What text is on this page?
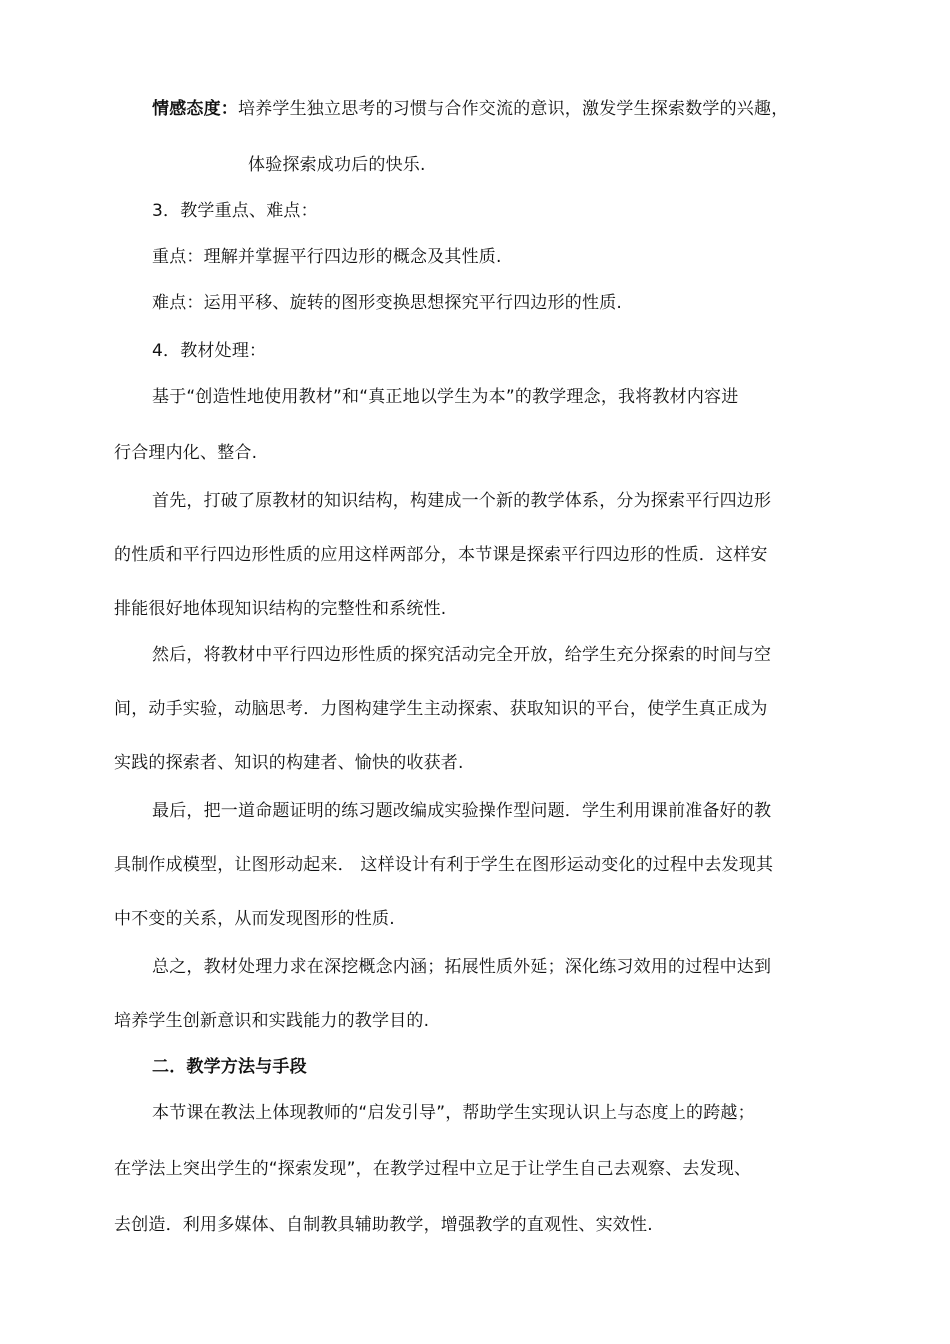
情感态度：培养学生独立思考的习惯与合作交流的意识，激发学生探索数学的兴趣，
体验探索成功后的快乐.
3．教学重点、难点：
重点：理解并掌握平行四边形的概念及其性质.
难点：运用平移、旋转的图形变换思想探究平行四边形的性质.
4．教材处理：
基于“创造性地使用教材”和“真正地以学生为本”的教学理念，我将教材内容进
行合理内化、整合.
首先，打破了原教材的知识结构，构建成一个新的教学体系，分为探索平行四边形
的性质和平行四边形性质的应用这样两部分，本节课是探索平行四边形的性质．这样安
排能很好地体现知识结构的完整性和系统性.
然后，将教材中平行四边形性质的探究活动完全开放，给学生充分探索的时间与空
间，动手实验，动脑思考．力图构建学生主动探索、获取知识的平台，使学生真正成为
实践的探索者、知识的构建者、愉快的收获者.
最后，把一道命题证明的练习题改编成实验操作型问题．学生利用课前准备好的教
具制作成模型，让图形动起来． 这样设计有利于学生在图形运动变化的过程中去发现其
中不变的关系，从而发现图形的性质.
总之，教材处理力求在深挖概念内涵；拓展性质外延；深化练习效用的过程中达到
培养学生创新意识和实践能力的教学目的.
二．教学方法与手段
本节课在教法上体现教师的“启发引导”，帮助学生实现认识上与态度上的跨越；
在学法上突出学生的“探索发现”，在教学过程中立足于让学生自己去观察、去发现、
去创造．利用多媒体、自制教具辅助教学，增强教学的直观性、实效性.
